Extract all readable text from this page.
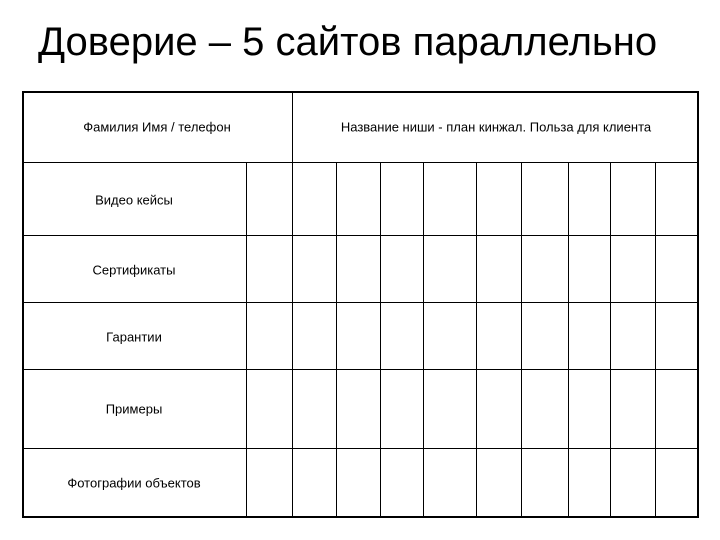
Доверие – 5 сайтов параллельно
Фамилия Имя / телефон	Название ниши - план кинжал. Польза для клиента
Видео кейсы
Сертификаты
Гарантии
Примеры
Фотографии объектов
